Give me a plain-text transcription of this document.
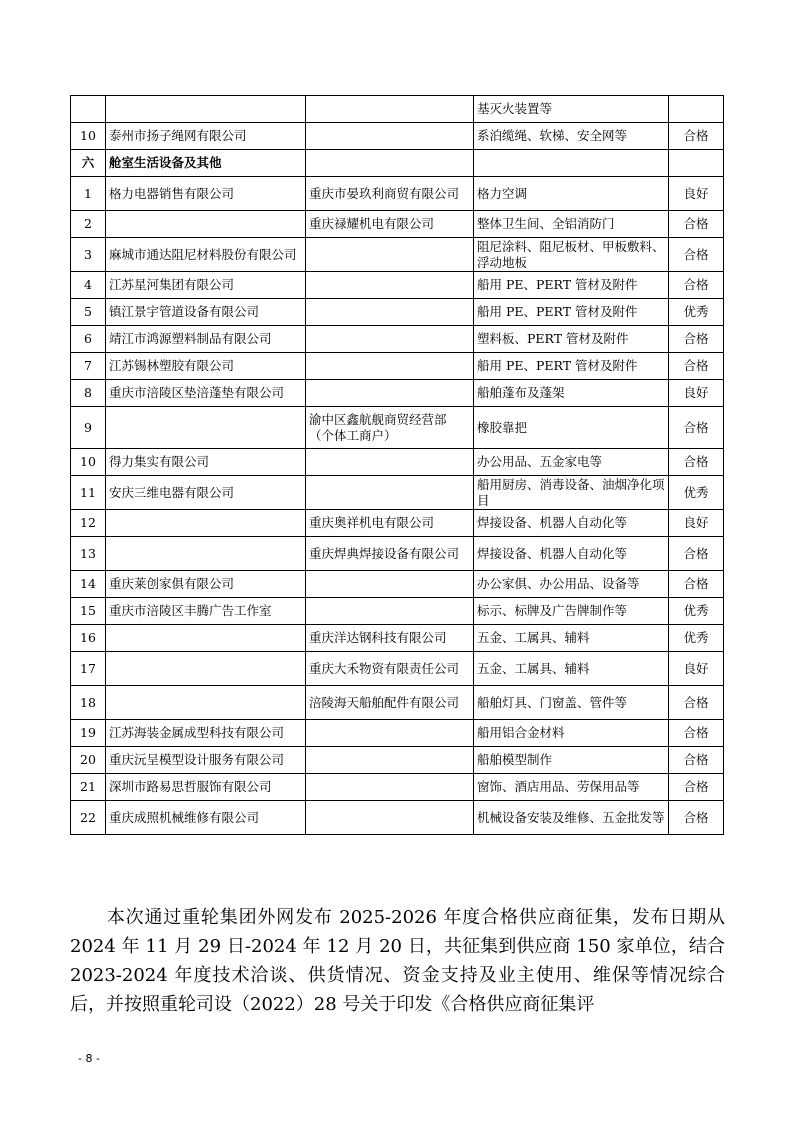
			基灭火装置等	
10	泰州市扬子绳网有限公司		系泊缆绳、软梯、安全网等	合格
六	舱室生活设备及其他			
1	格力电器销售有限公司	重庆市晏玖利商贸有限公司	格力空调	良好
2		重庆禄耀机电有限公司	整体卫生间、全铝消防门	合格
3	麻城市通达阻尼材料股份有限公司		阻尼涂料、阻尼板材、甲板敷料、浮动地板	合格
4	江苏星河集团有限公司		船用 PE、PERT 管材及附件	合格
5	镇江景宇管道设备有限公司		船用 PE、PERT 管材及附件	优秀
6	靖江市鸿源塑料制品有限公司		塑料板、PERT 管材及附件	合格
7	江苏锡林塑胶有限公司		船用 PE、PERT 管材及附件	合格
8	重庆市涪陵区垫涪蓬垫有限公司		船舶蓬布及蓬架	良好
9		渝中区鑫航舰商贸经营部（个体工商户）	橡胶靠把	合格
10	得力集实有限公司		办公用品、五金家电等	合格
11	安庆三维电器有限公司		船用厨房、消毒设备、油烟净化项目	优秀
12		重庆奥祥机电有限公司	焊接设备、机器人自动化等	良好
13		重庆焊典焊接设备有限公司	焊接设备、机器人自动化等	合格
14	重庆莱创家俱有限公司		办公家俱、办公用品、设备等	合格
15	重庆市涪陵区丰腾广告工作室		标示、标牌及广告牌制作等	优秀
16		重庆洋达钢科技有限公司	五金、工属具、辅料	优秀
17		重庆大禾物资有限责任公司	五金、工属具、辅料	良好
18		涪陵海天船舶配件有限公司	船舶灯具、门窗盖、管件等	合格
19	江苏海装金属成型科技有限公司		船用铝合金材料	合格
20	重庆沅呈模型设计服务有限公司		船舶模型制作	合格
21	深圳市路易思哲服饰有限公司		窗饰、酒店用品、劳保用品等	合格
22	重庆成照机械维修有限公司		机械设备安装及维修、五金批发等	合格

本次通过重轮集团外网发布 2025-2026 年度合格供应商征集，发布日期从 2024 年 11 月 29 日-2024 年 12 月 20 日，共征集到供应商 150 家单位，结合 2023-2024 年度技术洽谈、供货情况、资金支持及业主使用、维保等情况综合后，并按照重轮司设（2022）28 号关于印发《合格供应商征集评

- 8 -
